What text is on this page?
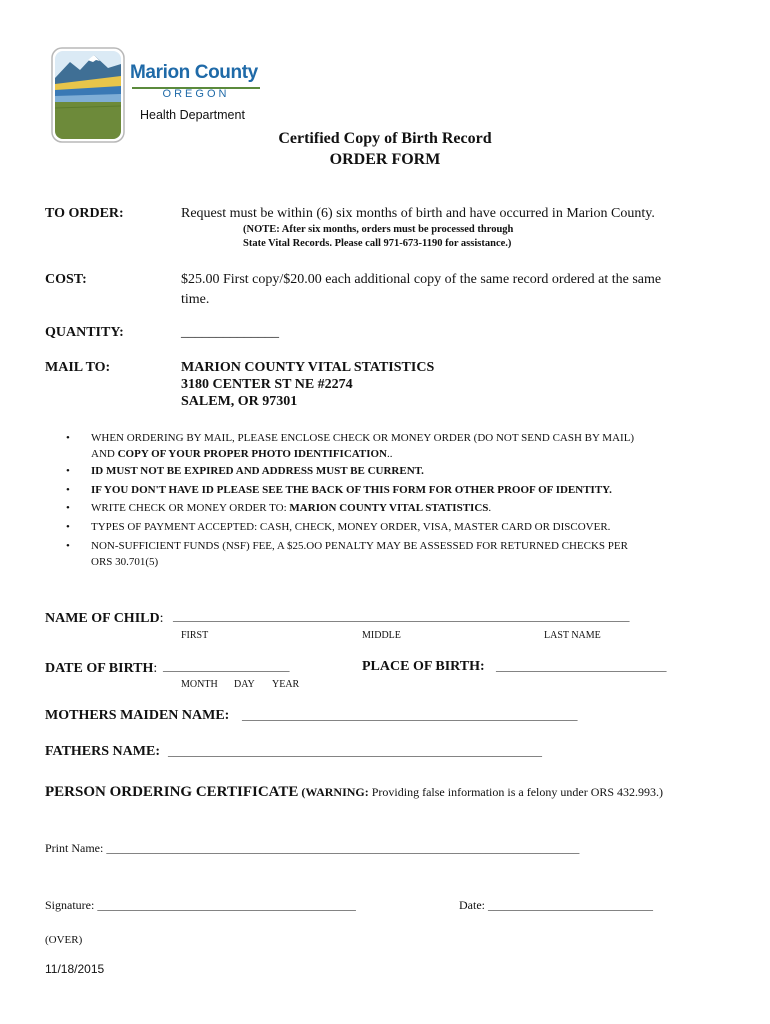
Marion County
OREGON
Health Department
Certified Copy of Birth Record
ORDER FORM
TO ORDER:	Request must be within (6) six months of birth and have occurred in Marion County.
(NOTE: After six months, orders must be processed through
State Vital Records. Please call 971-673-1190 for assistance.)
COST:	$25.00 First copy/$20.00 each additional copy of the same record ordered at the same
time.
QUANTITY:	______________
MAIL TO:	MARION COUNTY VITAL STATISTICS
3180 CENTER ST NE #2274
SALEM, OR 97301
• WHEN ORDERING BY MAIL, PLEASE ENCLOSE CHECK OR MONEY ORDER (DO NOT SEND CASH BY MAIL)
AND COPY OF YOUR PROPER PHOTO IDENTIFICATION..
• ID MUST NOT BE EXPIRED AND ADDRESS MUST BE CURRENT.
• IF YOU DON'T HAVE ID PLEASE SEE THE BACK OF THIS FORM FOR OTHER PROOF OF IDENTITY.
• WRITE CHECK OR MONEY ORDER TO: MARION COUNTY VITAL STATISTICS.
• TYPES OF PAYMENT ACCEPTED: CASH, CHECK, MONEY ORDER, VISA, MASTER CARD OR DISCOVER.
• NON-SUFFICIENT FUNDS (NSF) FEE, A $25.OO PENALTY MAY BE ASSESSED FOR RETURNED CHECKS PER
ORS 30.701(5)
NAME OF CHILD: ___________________________________________________________________________________
FIRST	MIDDLE	LAST NAME
DATE OF BIRTH: _______________________	PLACE OF BIRTH: _______________________________
MONTH DAY YEAR
MOTHERS MAIDEN NAME: _____________________________________________________________
FATHERS NAME: ____________________________________________________________________
PERSON ORDERING CERTIFICATE (WARNING: Providing false information is a felony under ORS 432.993.)
Print Name: ______________________________________________________________________________________
Signature: _______________________________________________	Date: ______________________________
(OVER)
11/18/2015
